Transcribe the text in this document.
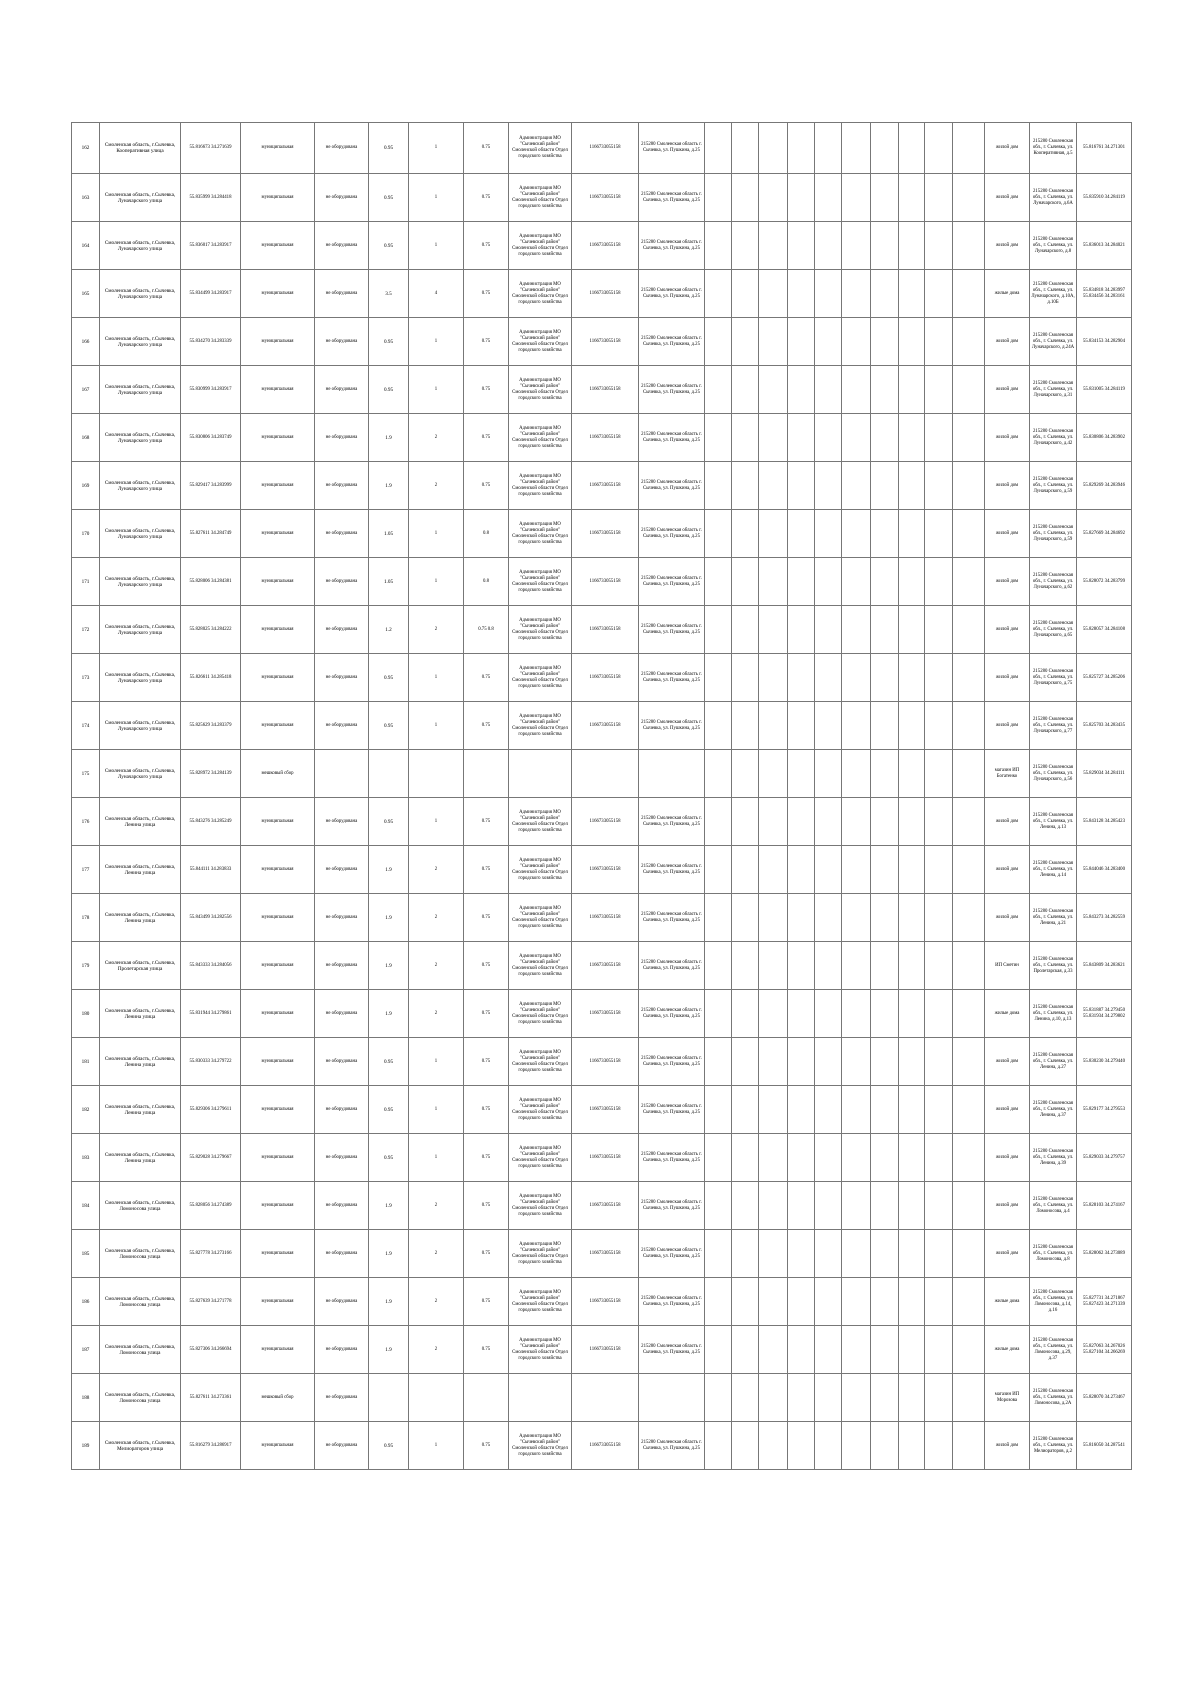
162	Смоленская область, г.Сычевка, Кооперативная улица	55.816673 34.271639	муниципальная	не оборудована	0.95	1	0.75	Администрация МО "Сычевский район" Смоленской области Отдел городского хозяйства	1166733055158	215280 Смоленская область г. Сычевка, ул. Пушкина, д.25											жилой дом	215280 Смоленская обл., г. Сычевка, ул. Кооперативная, д.5	55.816761 34.271301
163	Смоленская область, г.Сычевка, Луначарского улица	55.835999 34.284418	муниципальная	не оборудована	0.95	1	0.75	Администрация МО "Сычевский район" Смоленской области Отдел городского хозяйства	1166733055158	215280 Смоленская область г. Сычевка, ул. Пушкина, д.25											жилой дом	215280 Смоленская обл., г. Сычевка, ул. Луначарского, д.6А	55.835910 34.284119
164	Смоленская область, г.Сычевка, Луначарского улица	55.836017 34.283917	муниципальная	не оборудована	0.95	1	0.75	Администрация МО "Сычевский район" Смоленской области Отдел городского хозяйства	1166733055158	215280 Смоленская область г. Сычевка, ул. Пушкина, д.25											жилой дом	215280 Смоленская обл., г. Сычевка, ул. Луначарского, д.8	55.836013 34.284021
165	Смоленская область, г.Сычевка, Луначарского улица	55.834499 34.283917	муниципальная	не оборудована	3.5	4	0.75	Администрация МО "Сычевский район" Смоленской области Отдел городского хозяйства	1166733055158	215280 Смоленская область г. Сычевка, ул. Пушкина, д.25											жилые дома	215280 Смоленская обл., г. Сычевка, ул. Луначарского, д.10А, д.10Б	55.834818 34.283997 55.834456 34.283161
166	Смоленская область, г.Сычевка, Луначарского улица	55.834270 34.283339	муниципальная	не оборудована	0.95	1	0.75	Администрация МО "Сычевский район" Смоленской области Отдел городского хозяйства	1166733055158	215280 Смоленская область г. Сычевка, ул. Пушкина, д.25											жилой дом	215280 Смоленская обл., г. Сычевка, ул. Луначарского, д.24А	55.834153 34.282904
167	Смоленская область, г.Сычевка, Луначарского улица	55.830999 34.283917	муниципальная	не оборудована	0.95	1	0.75	Администрация МО "Сычевский район" Смоленской области Отдел городского хозяйства	1166733055158	215280 Смоленская область г. Сычевка, ул. Пушкина, д.25											жилой дом	215280 Смоленская обл., г. Сычевка, ул. Луначарского, д.31	55.831005 34.284119
168	Смоленская область, г.Сычевка, Луначарского улица	55.830806 34.283749	муниципальная	не оборудована	1.9	2	0.75	Администрация МО "Сычевский район" Смоленской области Отдел городского хозяйства	1166733055158	215280 Смоленская область г. Сычевка, ул. Пушкина, д.25											жилой дом	215280 Смоленская обл., г. Сычевка, ул. Луначарского, д.42	55.830806 34.283902
169	Смоленская область, г.Сычевка, Луначарского улица	55.829417 34.283999	муниципальная	не оборудована	1.9	2	0.75	Администрация МО "Сычевский район" Смоленской области Отдел городского хозяйства	1166733055158	215280 Смоленская область г. Сычевка, ул. Пушкина, д.25											жилой дом	215280 Смоленская обл., г. Сычевка, ул. Луначарского, д.59	55.829269 34.283946
170	Смоленская область, г.Сычевка, Луначарского улица	55.827611 34.284749	муниципальная	не оборудована	1.05	1	0.8	Администрация МО "Сычевский район" Смоленской области Отдел городского хозяйства	1166733055158	215280 Смоленская область г. Сычевка, ул. Пушкина, д.25											жилой дом	215280 Смоленская обл., г. Сычевка, ул. Луначарского, д.59	55.827669 34.284692
171	Смоленская область, г.Сычевка, Луначарского улица	55.828006 34.284381	муниципальная	не оборудована	1.05	1	0.8	Администрация МО "Сычевский район" Смоленской области Отдел городского хозяйства	1166733055158	215280 Смоленская область г. Сычевка, ул. Пушкина, д.25											жилой дом	215280 Смоленская обл., г. Сычевка, ул. Луначарского, д.62	55.828072 34.283799
172	Смоленская область, г.Сычевка, Луначарского улица	55.828025 34.284222	муниципальная	не оборудована	1.2	2	0.75 0.8	Администрация МО "Сычевский район" Смоленской области Отдел городского хозяйства	1166733055158	215280 Смоленская область г. Сычевка, ул. Пушкина, д.25											жилой дом	215280 Смоленская обл., г. Сычевка, ул. Луначарского, д.65	55.828057 34.284108
173	Смоленская область, г.Сычевка, Луначарского улица	55.826611 34.285418	муниципальная	не оборудована	0.95	1	0.75	Администрация МО "Сычевский район" Смоленской области Отдел городского хозяйства	1166733055158	215280 Смоленская область г. Сычевка, ул. Пушкина, д.25											жилой дом	215280 Смоленская обл., г. Сычевка, ул. Луначарского, д.75	55.825727 34.285206
174	Смоленская область, г.Сычевка, Луначарского улица	55.825629 34.283379	муниципальная	не оборудована	0.95	1	0.75	Администрация МО "Сычевский район" Смоленской области Отдел городского хозяйства	1166733055158	215280 Смоленская область г. Сычевка, ул. Пушкина, д.25											жилой дом	215280 Смоленская обл., г. Сычевка, ул. Луначарского, д.77	55.825703 34.283435
175	Смоленская область, г.Сычевка, Луначарского улица	55.828972 34.284139	мешковый сбор																		магазин ИП Богатенко	215280 Смоленская обл., г. Сычевка, ул. Луначарского, д.56	55.829034 34.284111
176	Смоленская область, г.Сычевка, Ленина улица	55.843276 34.285249	муниципальная	не оборудована	0.95	1	0.75	Администрация МО "Сычевский район" Смоленской области Отдел городского хозяйства	1166733055158	215280 Смоленская область г. Сычевка, ул. Пушкина, д.25											жилой дом	215280 Смоленская обл., г. Сычевка, ул. Ленина, д.13	55.843128 34.285423
177	Смоленская область, г.Сычевка, Ленина улица	55.844111 34.283833	муниципальная	не оборудована	1.9	2	0.75	Администрация МО "Сычевский район" Смоленской области Отдел городского хозяйства	1166733055158	215280 Смоленская область г. Сычевка, ул. Пушкина, д.25											жилой дом	215280 Смоленская обл., г. Сычевка, ул. Ленина, д.14	55.844046 34.283400
178	Смоленская область, г.Сычевка, Ленина улица	55.843499 34.282556	муниципальная	не оборудована	1.9	2	0.75	Администрация МО "Сычевский район" Смоленской области Отдел городского хозяйства	1166733055158	215280 Смоленская область г. Сычевка, ул. Пушкина, д.25											жилой дом	215280 Смоленская обл., г. Сычевка, ул. Ленина, д.21	55.843273 34.282559
179	Смоленская область, г.Сычевка, Пролетарская улица	55.843333 34.284056	муниципальная	не оборудована	1.9	2	0.75	Администрация МО "Сычевский район" Смоленской области Отдел городского хозяйства	1166733055158	215280 Смоленская область г. Сычевка, ул. Пушкина, д.25											ИП Сметин	215280 Смоленская обл., г. Сычевка, ул. Пролетарская, д.33	55.843809 34.283621
180	Смоленская область, г.Сычевка, Ленина улица	55.831944 34.279861	муниципальная	не оборудована	1.9	2	0.75	Администрация МО "Сычевский район" Смоленской области Отдел городского хозяйства	1166733055158	215280 Смоленская область г. Сычевка, ул. Пушкина, д.25											жилые дома	215280 Смоленская обл., г. Сычевка, ул. Ленина, д.10, д.13	55.831887 34.279450 55.831934 34.279802
181	Смоленская область, г.Сычевка, Ленина улица	55.830333 34.279722	муниципальная	не оборудована	0.95	1	0.75	Администрация МО "Сычевский район" Смоленской области Отдел городского хозяйства	1166733055158	215280 Смоленская область г. Сычевка, ул. Пушкина, д.25											жилой дом	215280 Смоленская обл., г. Сычевка, ул. Ленина, д.27	55.830230 34.279440
182	Смоленская область, г.Сычевка, Ленина улица	55.829306 34.279611	муниципальная	не оборудована	0.95	1	0.75	Администрация МО "Сычевский район" Смоленской области Отдел городского хозяйства	1166733055158	215280 Смоленская область г. Сычевка, ул. Пушкина, д.25											жилой дом	215280 Смоленская обл., г. Сычевка, ул. Ленина, д.37	55.829177 34.279553
183	Смоленская область, г.Сычевка, Ленина улица	55.829028 34.279667	муниципальная	не оборудована	0.95	1	0.75	Администрация МО "Сычевский район" Смоленской области Отдел городского хозяйства	1166733055158	215280 Смоленская область г. Сычевка, ул. Пушкина, д.25											жилой дом	215280 Смоленская обл., г. Сычевка, ул. Ленина, д.39	55.829033 34.279757
184	Смоленская область, г.Сычевка, Ломоносова улица	55.828056 34.274389	муниципальная	не оборудована	1.9	2	0.75	Администрация МО "Сычевский район" Смоленской области Отдел городского хозяйства	1166733055158	215280 Смоленская область г. Сычевка, ул. Пушкина, д.25											жилой дом	215280 Смоленская обл., г. Сычевка, ул. Ломоносова, д.4	55.828103 34.274167
185	Смоленская область, г.Сычевка, Ломоносова улица	55.827778 34.273166	муниципальная	не оборудована	1.9	2	0.75	Администрация МО "Сычевский район" Смоленской области Отдел городского хозяйства	1166733055158	215280 Смоленская область г. Сычевка, ул. Пушкина, д.25											жилой дом	215280 Смоленская обл., г. Сычевка, ул. Ломоносова, д.8	55.828062 34.273089
186	Смоленская область, г.Сычевка, Ломоносова улица	55.827639 34.271778	муниципальная	не оборудована	1.9	2	0.75	Администрация МО "Сычевский район" Смоленской области Отдел городского хозяйства	1166733055158	215280 Смоленская область г. Сычевка, ул. Пушкина, д.25											жилые дома	215280 Смоленская обл., г. Сычевка, ул. Ломоносова, д.14, д.16	55.827731 34.271867 55.827423 34.271339
187	Смоленская область, г.Сычевка, Ломоносова улица	55.827306 34.266694	муниципальная	не оборудована	1.9	2	0.75	Администрация МО "Сычевский район" Смоленской области Отдел городского хозяйства	1166733055158	215280 Смоленская область г. Сычевка, ул. Пушкина, д.25											жилые дома	215280 Смоленская обл., г. Сычевка, ул. Ломоносова, д.29, д.37	55.827063 34.267026 55.827104 34.266269
188	Смоленская область, г.Сычевка, Ломоносова улица	55.827611 34.273361	мешковый сбор	не оборудована																	магазин ИП Морозова	215280 Смоленская обл., г. Сычевка, ул. Ломоносова, д.2А	55.828070 34.273467
189	Смоленская область, г.Сычевка, Мелиораторов улица	55.816279 34.286917	муниципальная	не оборудована	0.95	1	0.75	Администрация МО "Сычевский район" Смоленской области Отдел городского хозяйства	1166733055158	215280 Смоленская область г. Сычевка, ул. Пушкина, д.25											жилой дом	215280 Смоленская обл., г. Сычевка, ул. Мелиораторов, д.2	55.816050 34.287541
